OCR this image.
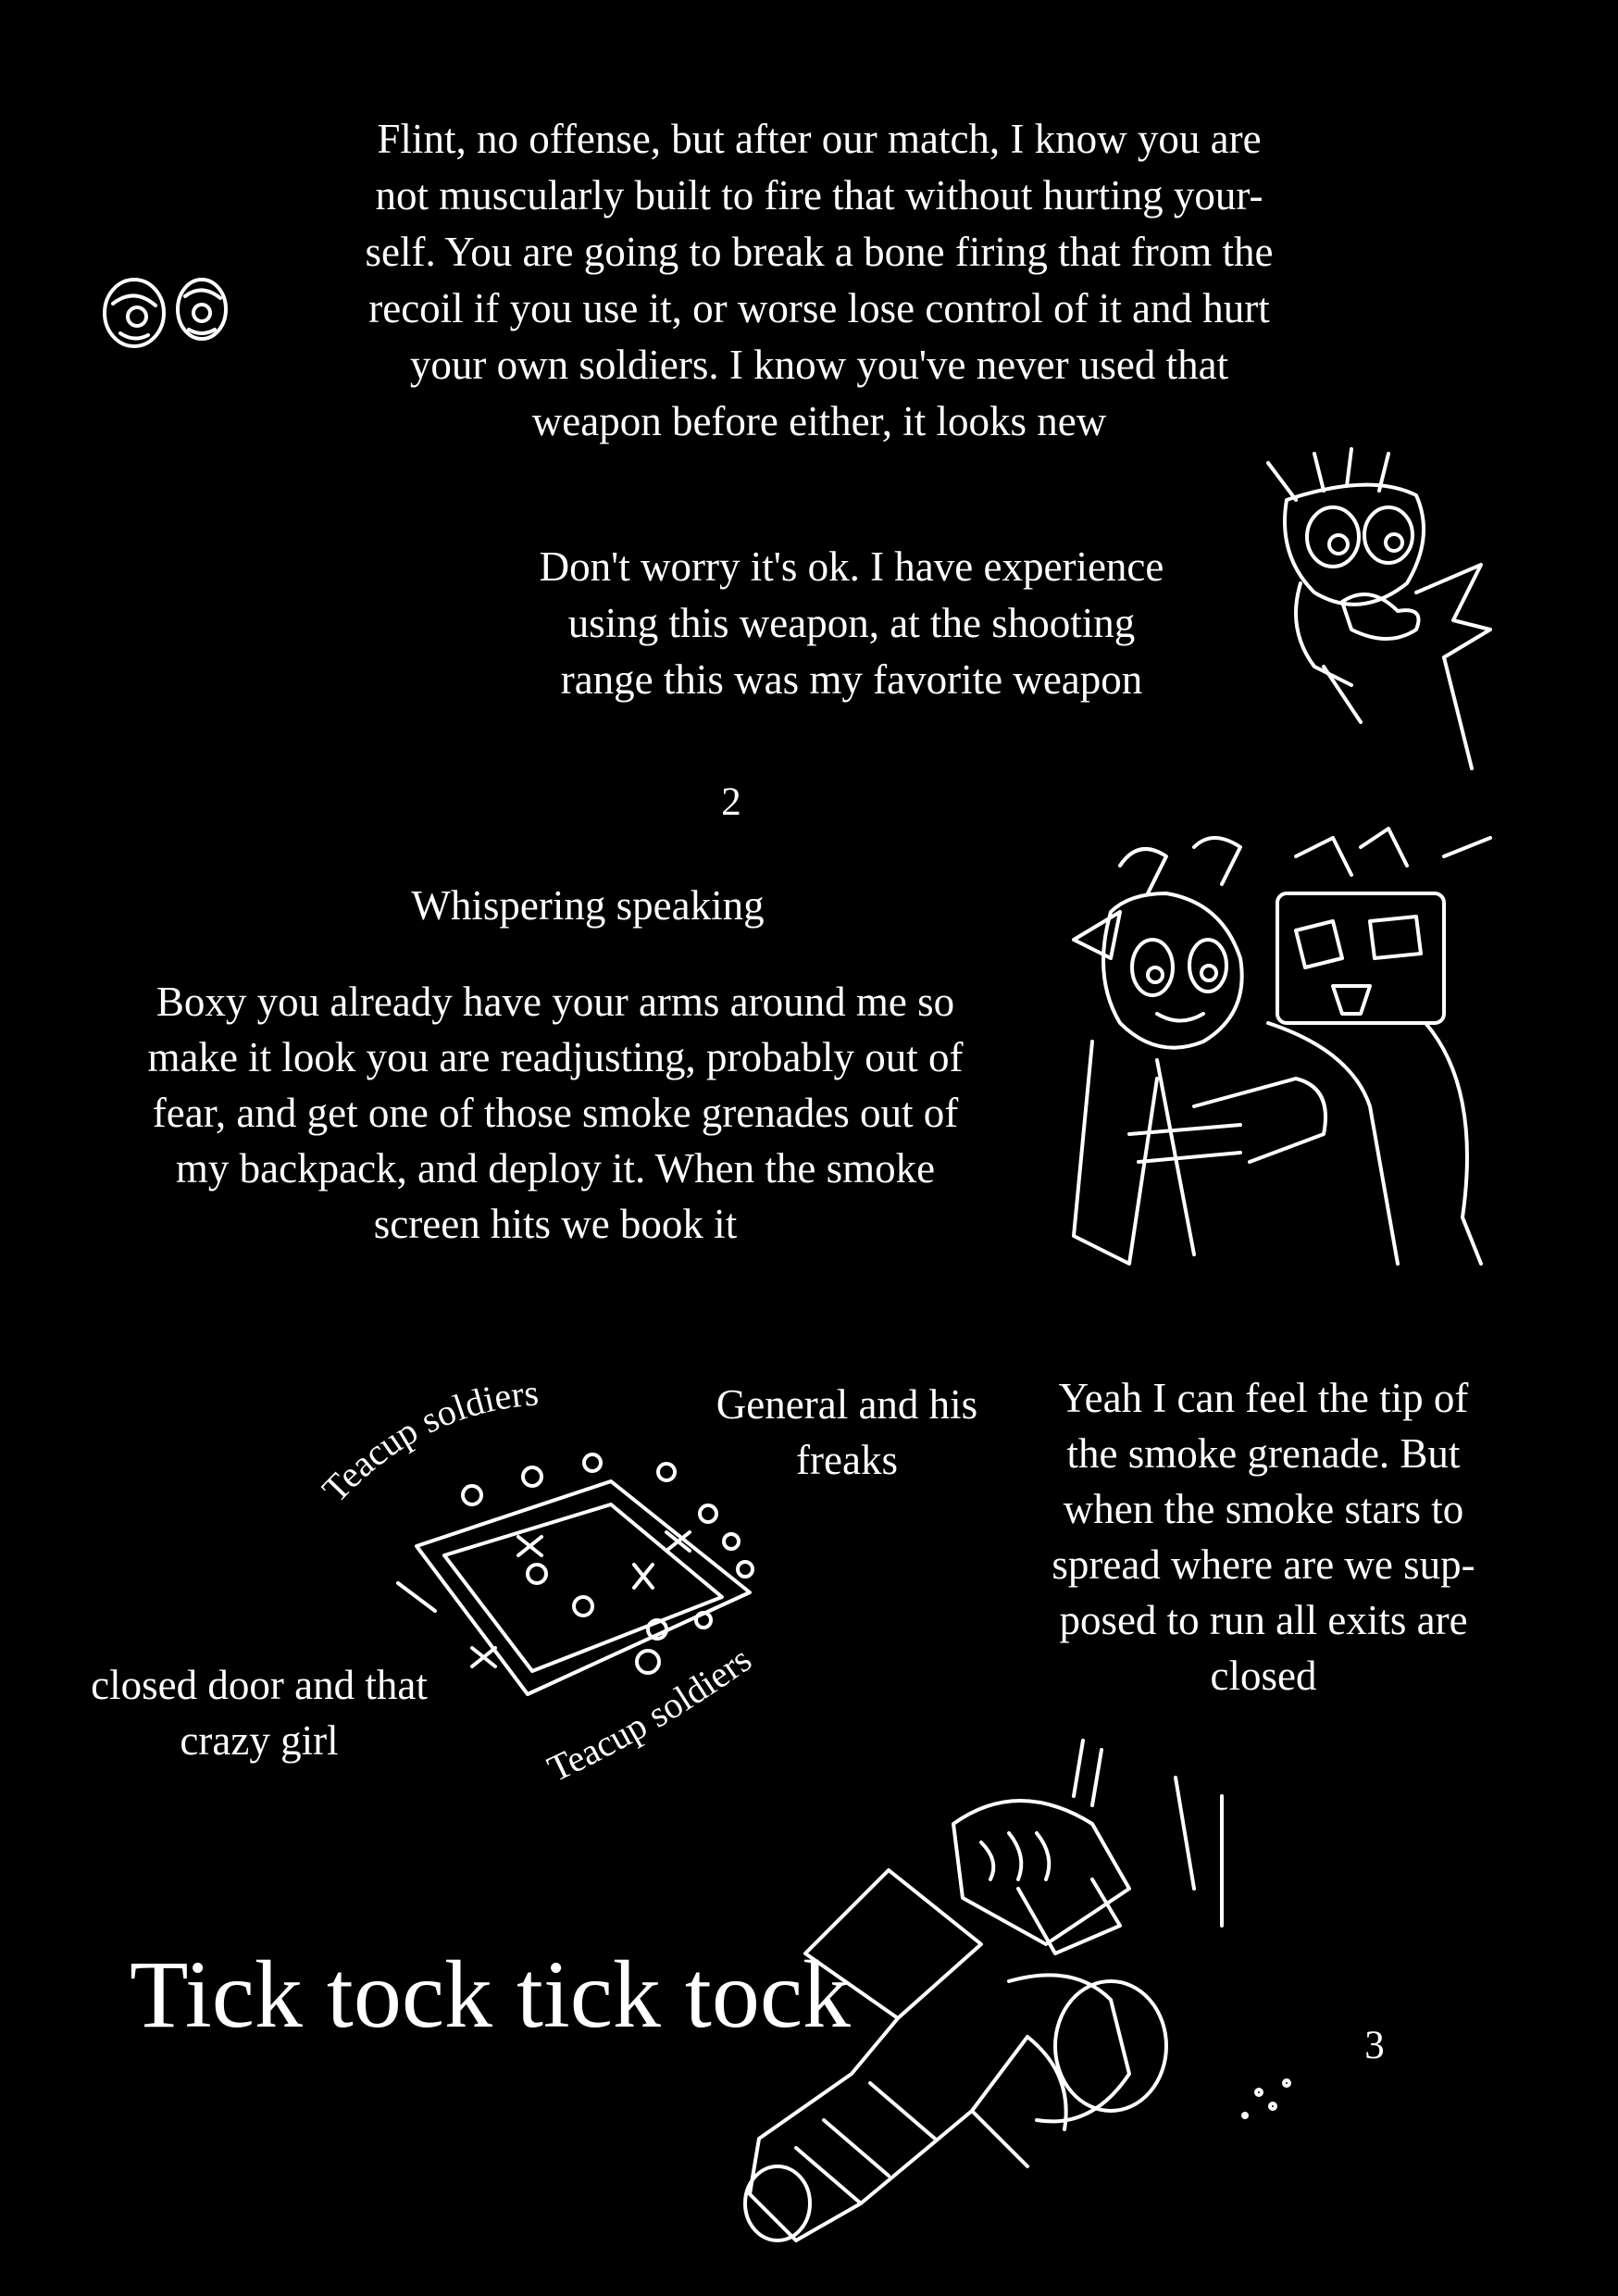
Flint, no offense, but after our match, I know you are
not muscularly built to fire that without hurting your-
self. You are going to break a bone firing that from the
recoil if you use it, or worse lose control of it and hurt
your own soldiers. I know you've never used that
weapon before either, it looks new
Don't worry it's ok. I have experience
using this weapon, at the shooting
range this was my favorite weapon
2
Whispering speaking
Boxy you already have your arms around me so
make it look you are readjusting, probably out of
fear, and get one of those smoke grenades out of
my backpack, and deploy it. When the smoke
screen hits we book it
Teacup soldiers
Teacup soldiers
General and his
freaks
Yeah I can feel the tip of
the smoke grenade. But
when the smoke stars to
spread where are we sup-
posed to run all exits are
closed
closed door and that
crazy girl
Tick tock tick tock	3
